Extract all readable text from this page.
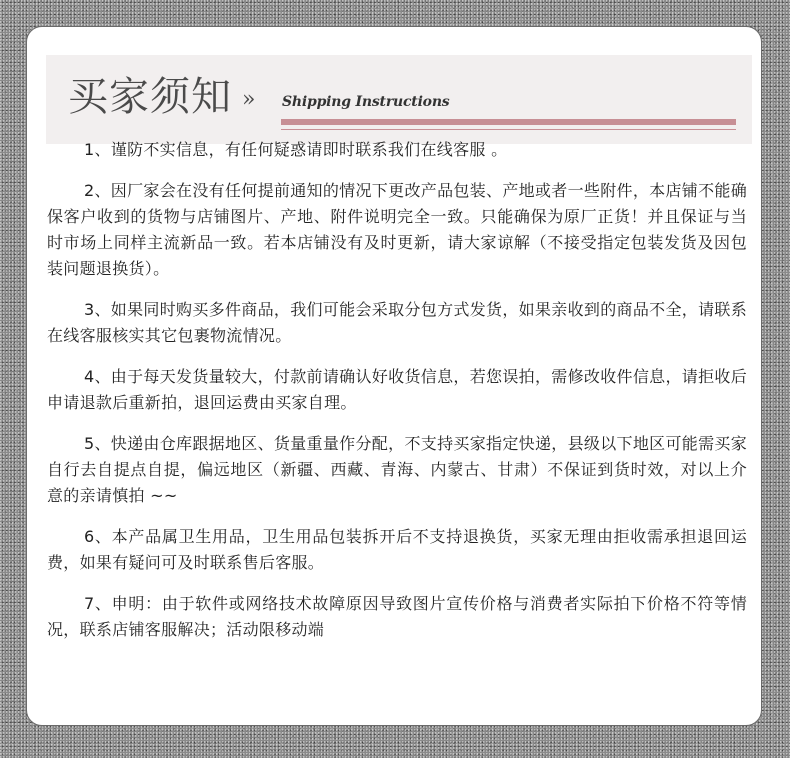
买家须知 » Shipping Instructions

1、谨防不实信息，有任何疑惑请即时联系我们在线客服 。

2、因厂家会在没有任何提前通知的情况下更改产品包装、产地或者一些附件，本店铺不能确保客户收到的货物与店铺图片、产地、附件说明完全一致。只能确保为原厂正货！并且保证与当时市场上同样主流新品一致。若本店铺没有及时更新，请大家谅解（不接受指定包装发货及因包装问题退换货）。

3、如果同时购买多件商品，我们可能会采取分包方式发货，如果亲收到的商品不全，请联系在线客服核实其它包裹物流情况。

4、由于每天发货量较大，付款前请确认好收货信息，若您误拍，需修改收件信息，请拒收后申请退款后重新拍，退回运费由买家自理。

5、快递由仓库跟据地区、货量重量作分配，不支持买家指定快递，县级以下地区可能需买家自行去自提点自提，偏远地区（新疆、西藏、青海、内蒙古、甘肃）不保证到货时效，对以上介意的亲请慎拍 ~~

6、本产品属卫生用品，卫生用品包装拆开后不支持退换货，买家无理由拒收需承担退回运费，如果有疑问可及时联系售后客服。

7、申明：由于软件或网络技术故障原因导致图片宣传价格与消费者实际拍下价格不符等情况，联系店铺客服解决；活动限移动端
